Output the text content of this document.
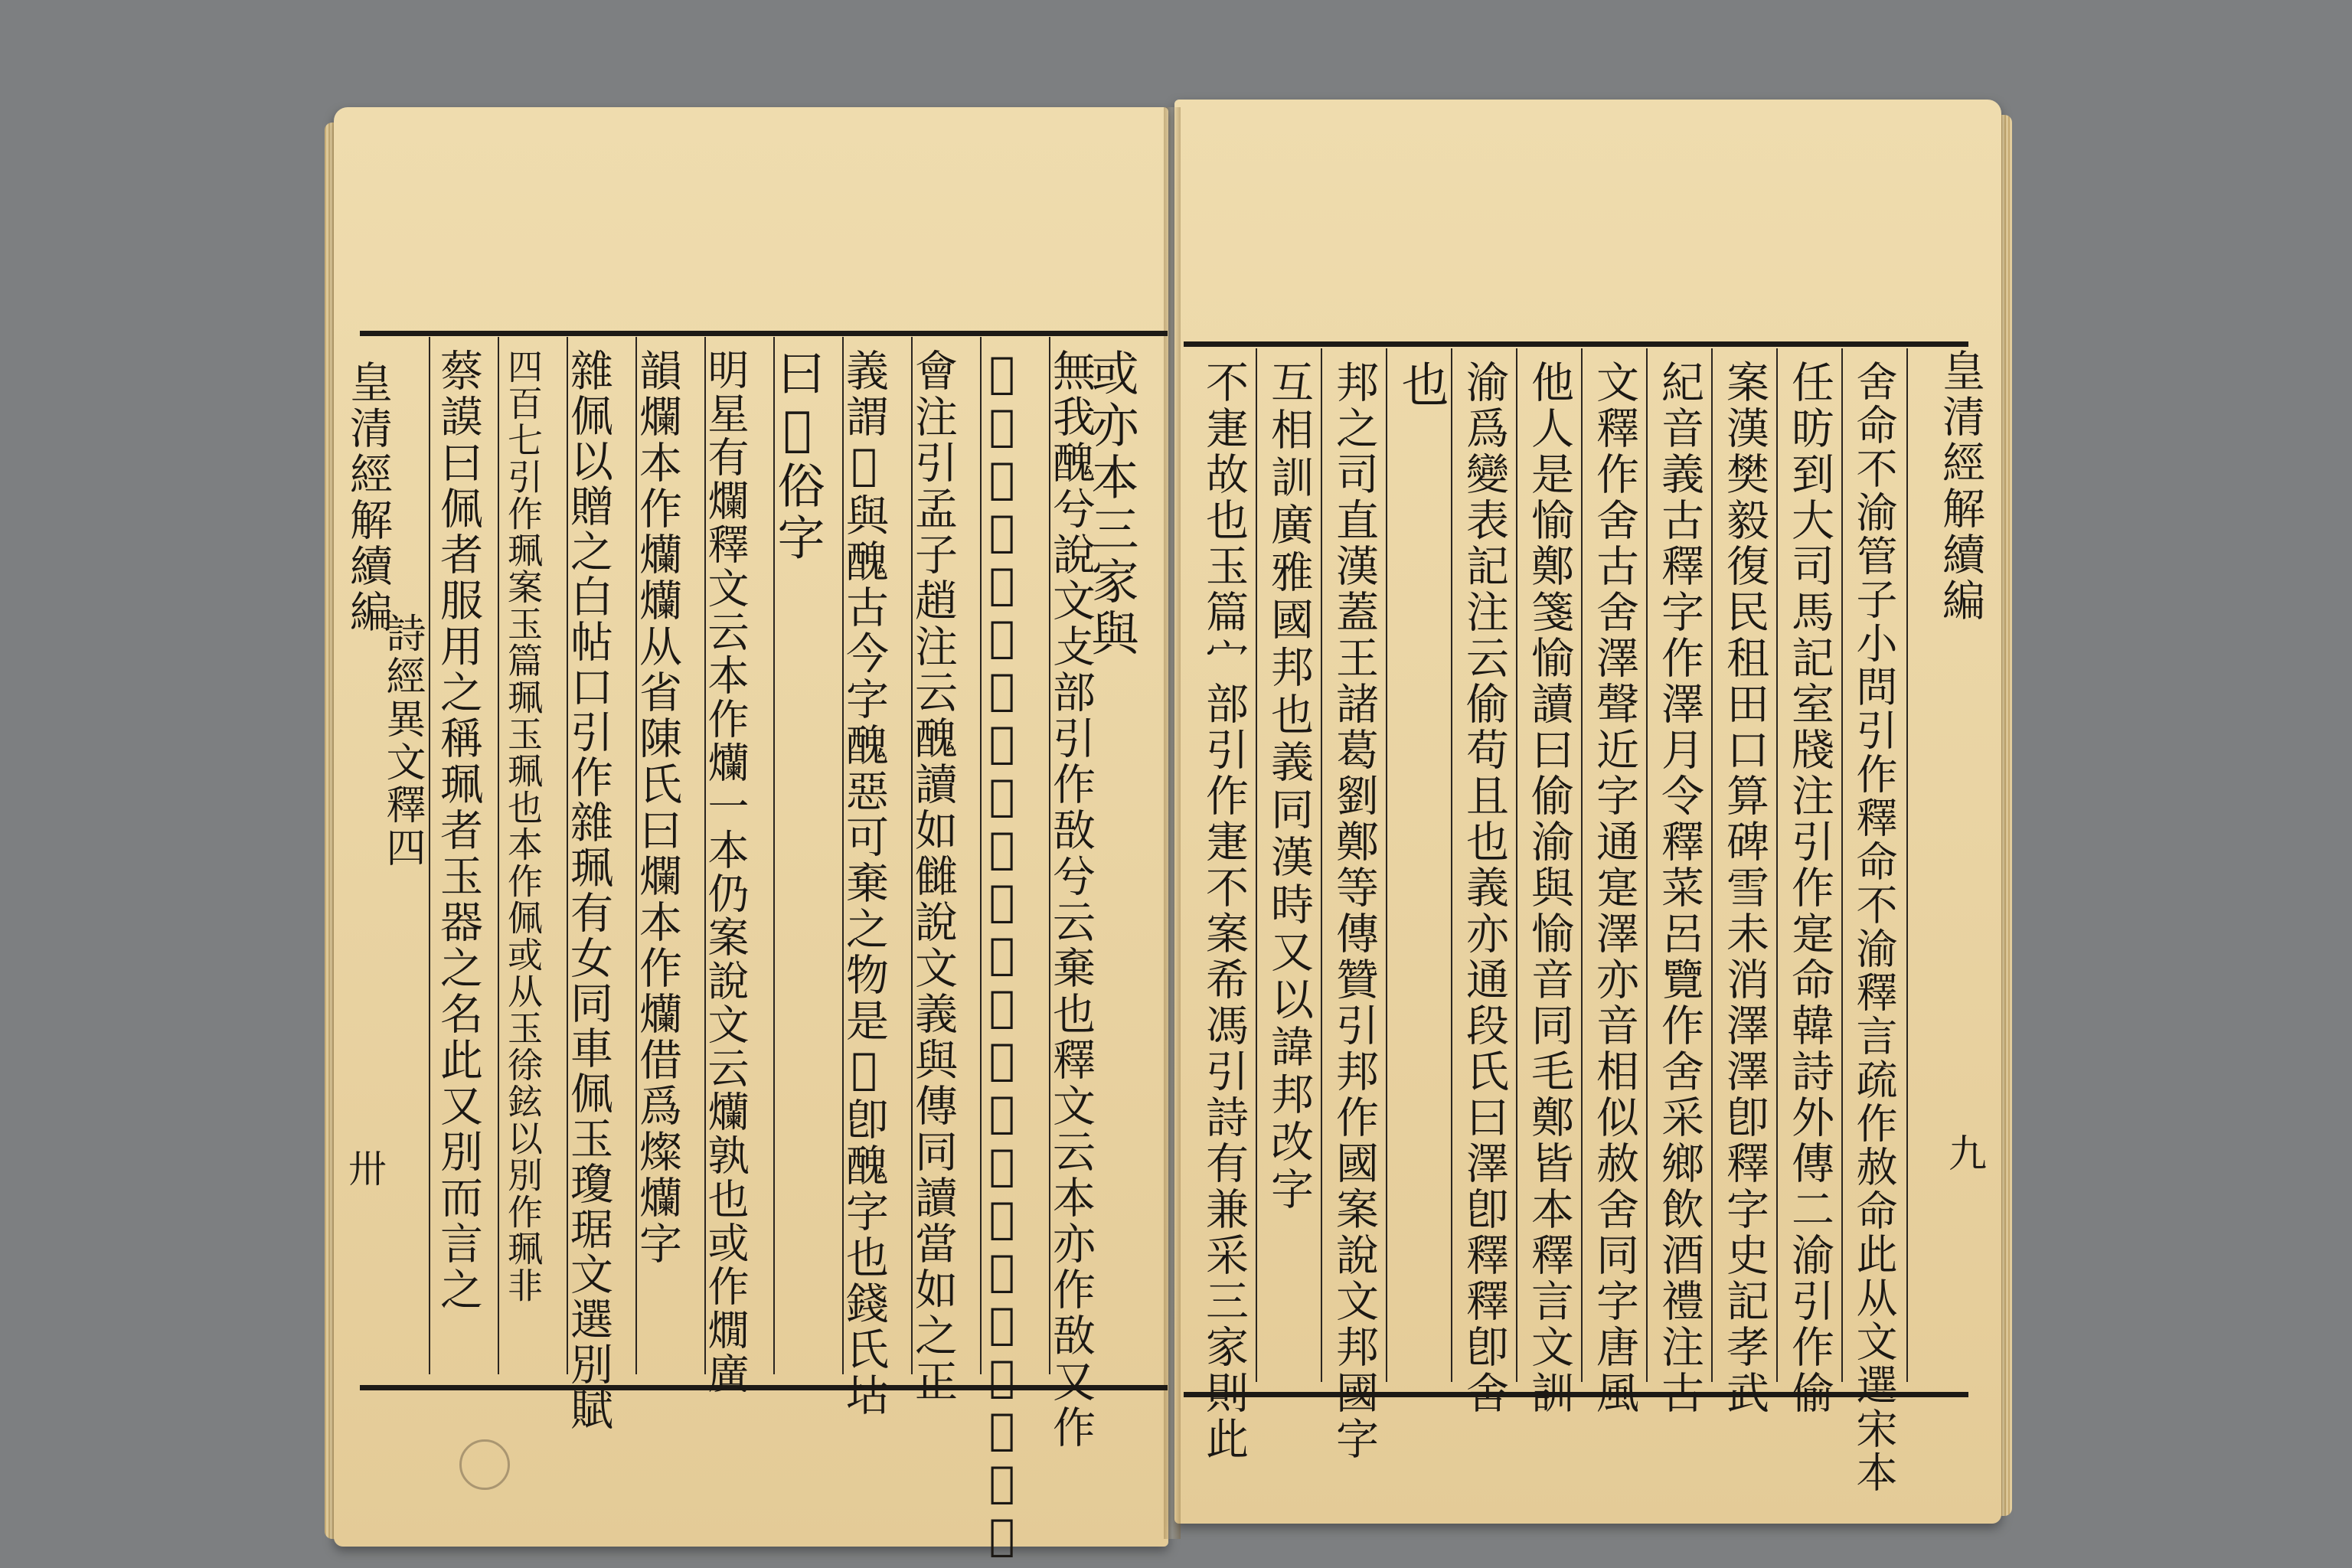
皇清經解續編
詩經異文釋四
卅
或亦本三家與
無我醜兮說文攴部引作敔兮云棄也釋文云本亦作敔又作
𢿰市由反或云鄭音爲醜案𢿰毛訓棄音讎鄭訓惡音醜韻
會注引孟子趙注云醜讀如雠說文義與傳同讀當如之正
義謂𢿰與醜古今字醜惡可棄之物是𢿰卽醜字也錢氏坫
曰𢿰俗字
明星有爛釋文云本作爤一本仍案說文云爤孰也或作燗廣
韻爛本作爤爤从省陳氏曰爛本作爤借爲燦爤字
雜佩以贈之白帖口引作雜珮有女同車佩玉瓊琚文選別賦
四百七引作珮案玉篇珮玉珮也本作佩或从玉徐鉉以別作珮非
蔡謨曰佩者服用之稱珮者玉器之名此又別而言之	皇清經解續編
九
舍命不渝管子小問引作釋命不渝釋言疏作赦命此从文選宋本
任昉到大司馬記室牋注引作寔命韓詩外傳二渝引作偷
案漢樊毅復民租田口算碑雪未消澤澤卽釋字史記孝武
紀音義古釋字作澤月令釋菜呂覽作舍采鄉飲酒禮注古
文釋作舍古舍澤聲近字通寔澤亦音相似赦舍同字唐風
他人是愉鄭箋愉讀曰偷渝與愉音同毛鄭皆本釋言文訓
渝爲變表記注云偷苟且也義亦通段氏曰澤卽釋釋卽舍
也
邦之司直漢蓋王諸葛劉鄭等傳贊引邦作國案說文邦國字
互相訓廣雅國邦也義同漢時又以諱邦改字
不寁故也玉篇宀部引作寁不案希馮引詩有兼采三家則此
